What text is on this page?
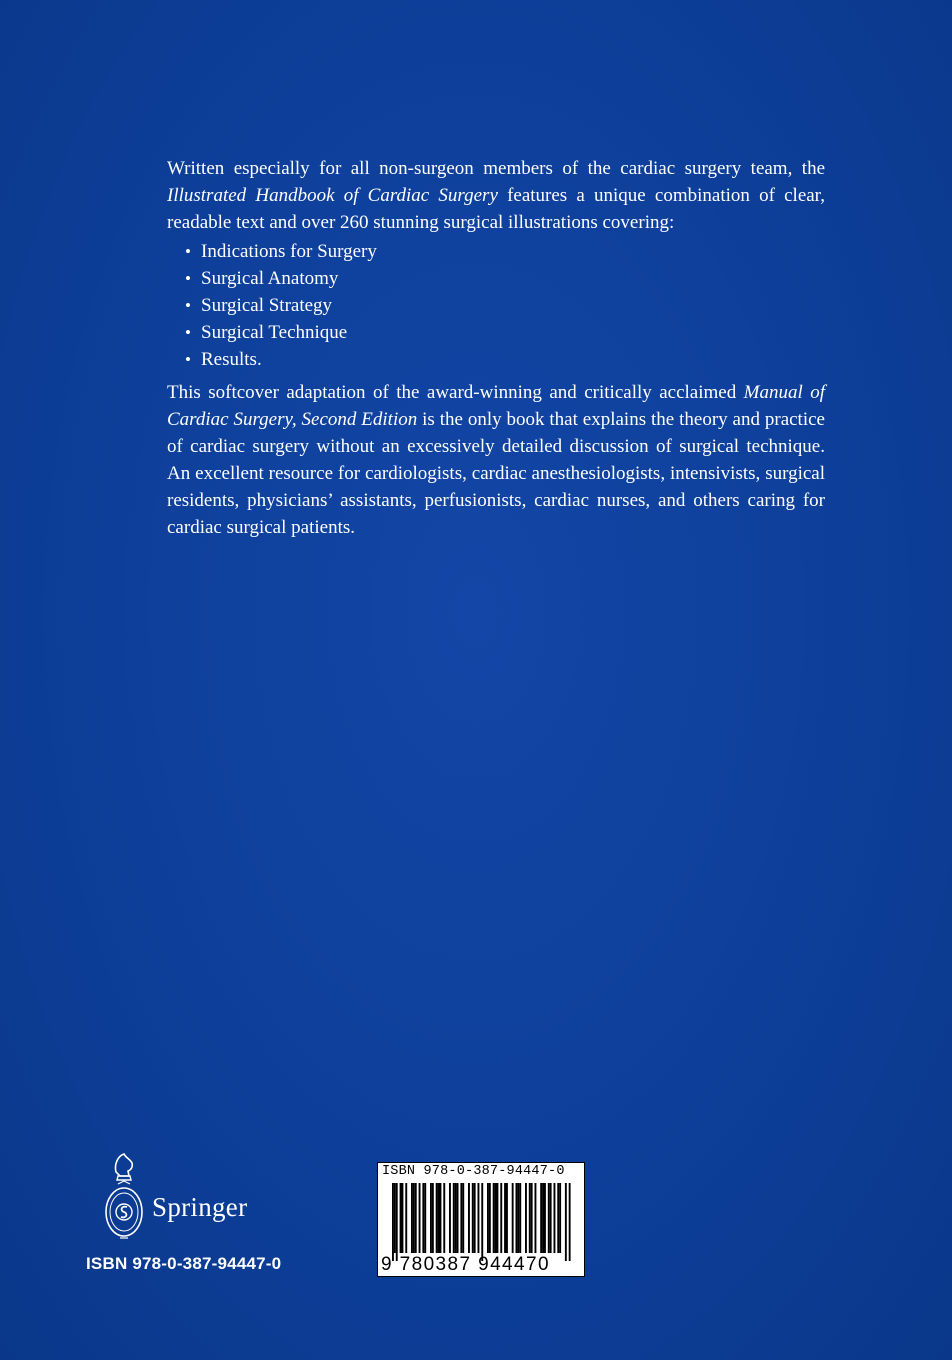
Written especially for all non-surgeon members of the cardiac surgery team, the Illustrated Handbook of Cardiac Surgery features a unique combination of clear, readable text and over 260 stunning surgical illustrations covering:

• Indications for Surgery
• Surgical Anatomy
• Surgical Strategy
• Surgical Technique
• Results.

This softcover adaptation of the award-winning and critically acclaimed Manual of Cardiac Surgery, Second Edition is the only book that explains the theory and practice of cardiac surgery without an excessively detailed discussion of surgical technique. An excellent resource for cardiologists, cardiac anesthesiologists, intensivists, surgical residents, physicians’ assistants, perfusionists, cardiac nurses, and others caring for cardiac surgical patients.

Springer
ISBN 978-0-387-94447-0
ISBN 978-0-387-94447-0
9 780387 944470
